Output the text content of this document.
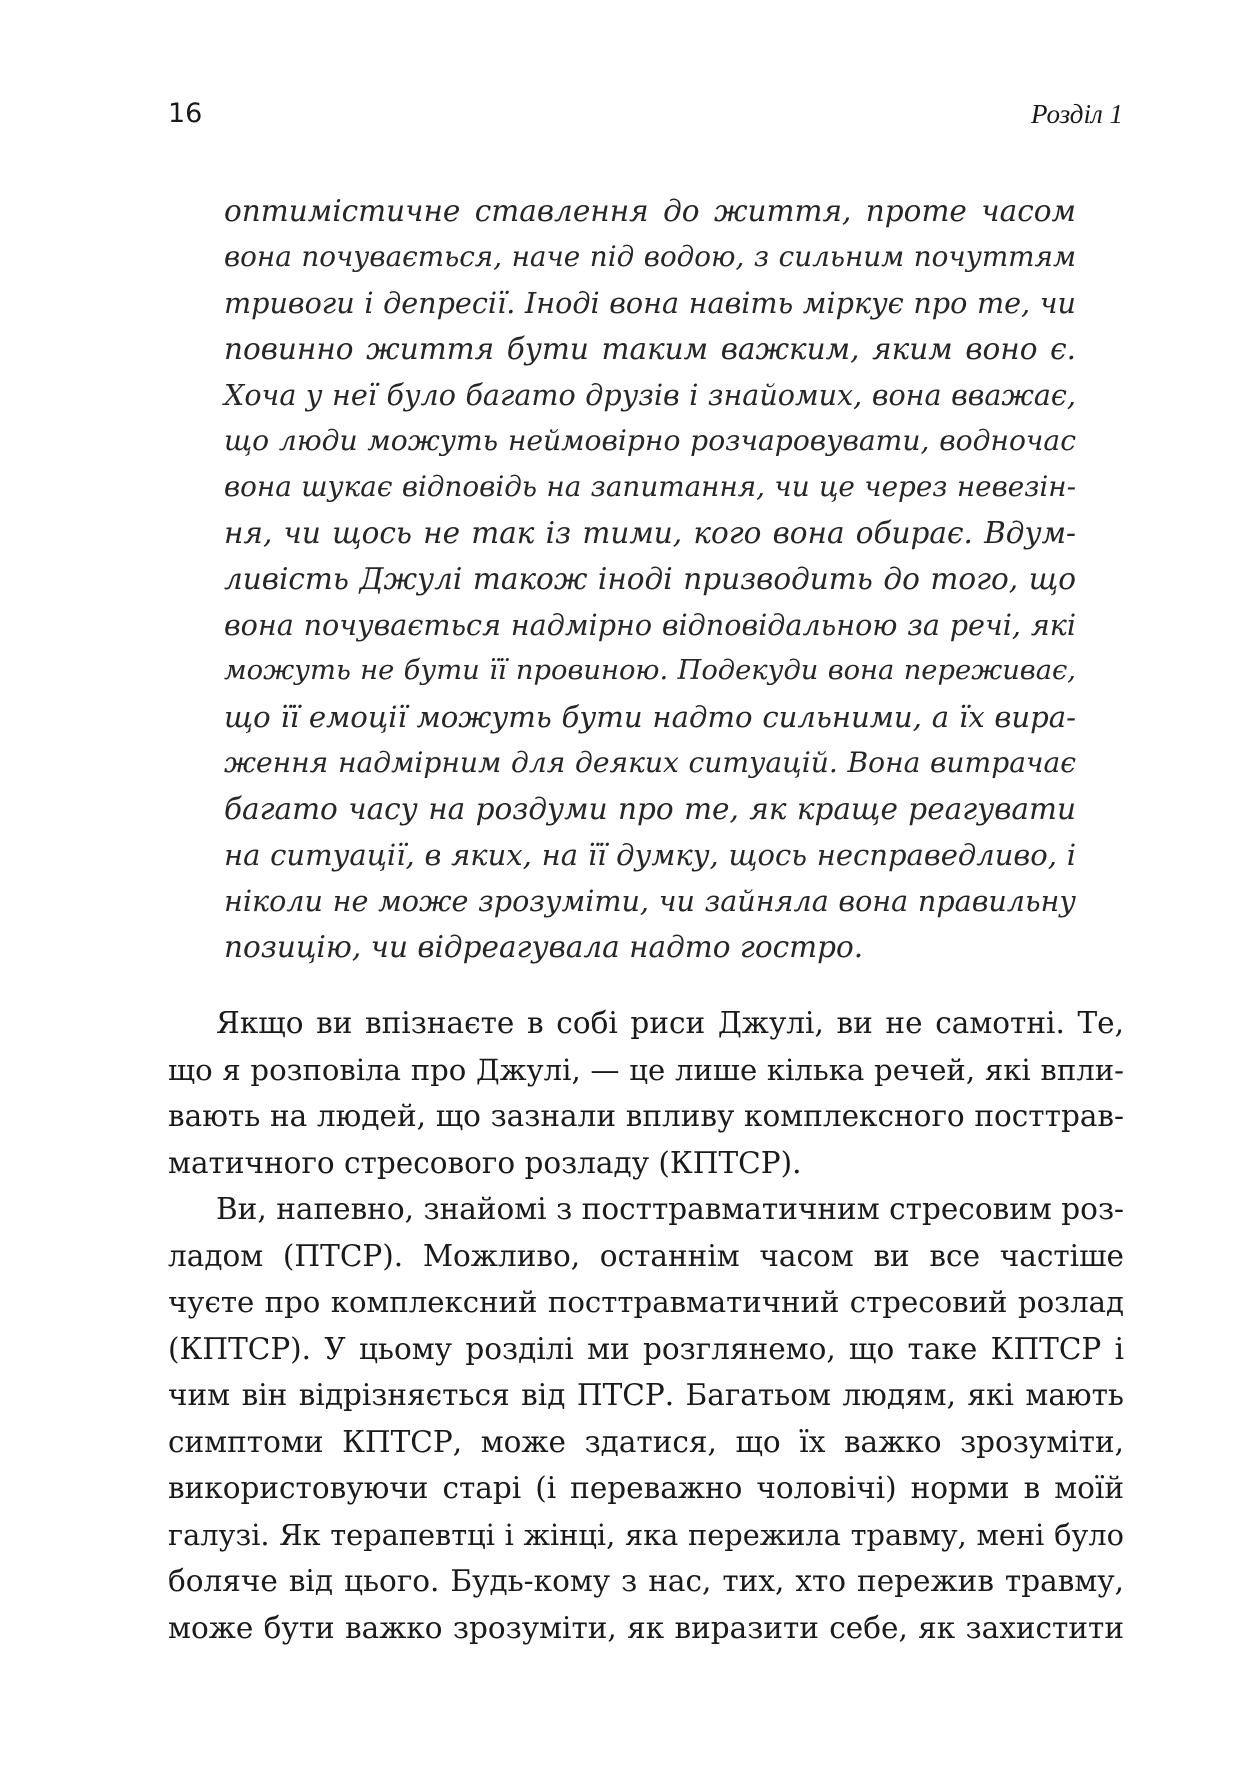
16	Розділ 1
оптимістичне ставлення до життя, проте часом
вона почувається, наче під водою, з сильним почуттям
тривоги і депресії. Іноді вона навіть міркує про те, чи
повинно життя бути таким важким, яким воно є.
Хоча у неї було багато друзів і знайомих, вона вважає,
що люди можуть неймовірно розчаровувати, водночас
вона шукає відповідь на запитання, чи це через невезін-
ня, чи щось не так із тими, кого вона обирає. Вдум-
ливість Джулі також іноді призводить до того, що
вона почувається надмірно відповідальною за речі, які
можуть не бути її провиною. Подекуди вона переживає,
що її емоції можуть бути надто сильними, а їх вира-
ження надмірним для деяких ситуацій. Вона витрачає
багато часу на роздуми про те, як краще реагувати
на ситуації, в яких, на її думку, щось несправедливо, і
ніколи не може зрозуміти, чи зайняла вона правильну
позицію, чи відреагувала надто гостро.
Якщо ви впізнаєте в собі риси Джулі, ви не самотні. Те,
що я розповіла про Джулі, — це лише кілька речей, які впли-
вають на людей, що зазнали впливу комплексного посттрав-
матичного стресового розладу (КПТСР).
Ви, напевно, знайомі з посттравматичним стресовим роз-
ладом (ПТСР). Можливо, останнім часом ви все частіше
чуєте про комплексний посттравматичний стресовий розлад
(КПТСР). У цьому розділі ми розглянемо, що таке КПТСР і
чим він відрізняється від ПТСР. Багатьом людям, які мають
симптоми КПТСР, може здатися, що їх важко зрозуміти,
використовуючи старі (і переважно чоловічі) норми в моїй
галузі. Як терапевтці і жінці, яка пережила травму, мені було
боляче від цього. Будь-кому з нас, тих, хто пережив травму,
може бути важко зрозуміти, як виразити себе, як захистити
